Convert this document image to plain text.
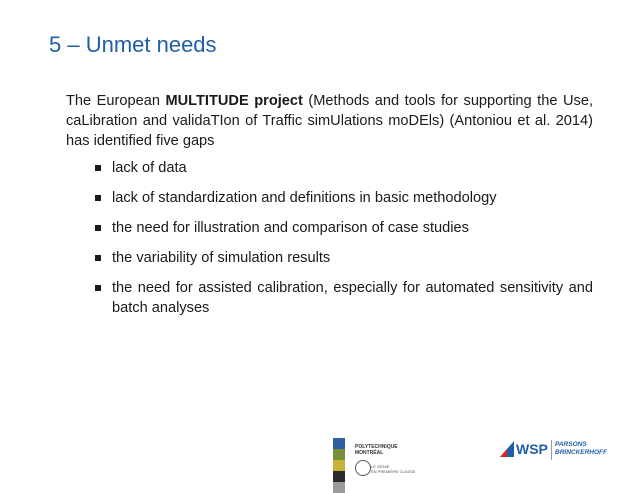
5 – Unmet needs
The European MULTITUDE project (Methods and tools for supporting the Use, caLibration and validaTIon of Traffic simUlations moDEls) (Antoniou et al. 2014) has identified five gaps
lack of data
lack of standardization and definitions in basic methodology
the need for illustration and comparison of case studies
the variability of simulation results
the need for assisted calibration, especially for automated sensitivity and batch analyses
POLYTECHNIQUE
MONTRÉAL
LE GÉNIE
EN PREMIÈRE CLASSE
WSP PARSONS
BRINCKERHOFF
